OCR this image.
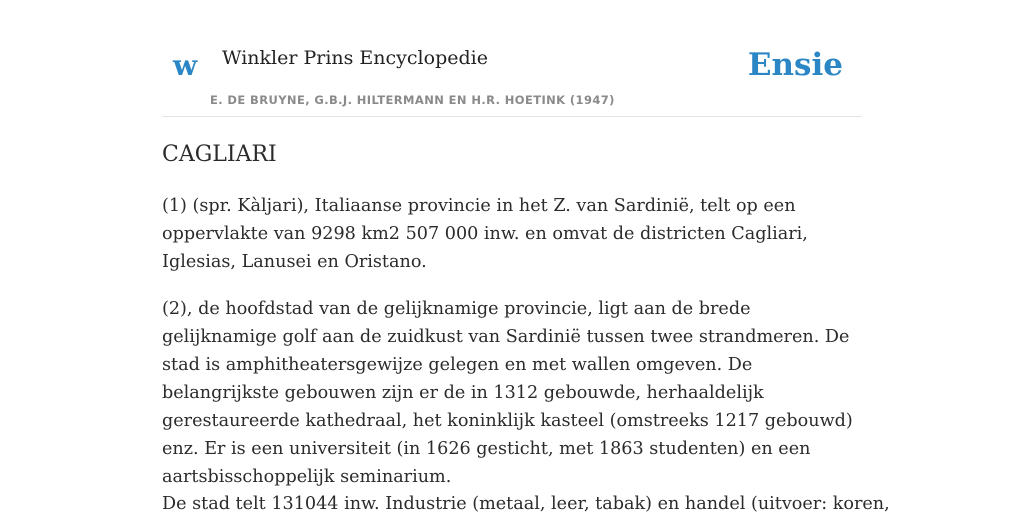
w Winkler Prins Encyclopedie
E. DE BRUYNE, G.B.J. HILTERMANN EN H.R. HOETINK (1947)
Ensie
CAGLIARI

(1) (spr. Kàljari), Italiaanse provincie in het Z. van Sardinië, telt op een oppervlakte van 9298 km2 507 000 inw. en omvat de districten Cagliari, Iglesias, Lanusei en Oristano.

(2), de hoofdstad van de gelijknamige provincie, ligt aan de brede gelijknamige golf aan de zuidkust van Sardinië tussen twee strandmeren. De stad is amphitheatersgewijze gelegen en met wallen omgeven. De belangrijkste gebouwen zijn er de in 1312 gebouwde, herhaaldelijk gerestaureerde kathedraal, het koninklijk kasteel (omstreeks 1217 gebouwd) enz. Er is een universiteit (in 1626 gesticht, met 1863 studenten) en een aartsbisschoppelijk seminarium.

De stad telt 131044 inw. Industrie (metaal, leer, tabak) en handel (uitvoer: koren,
